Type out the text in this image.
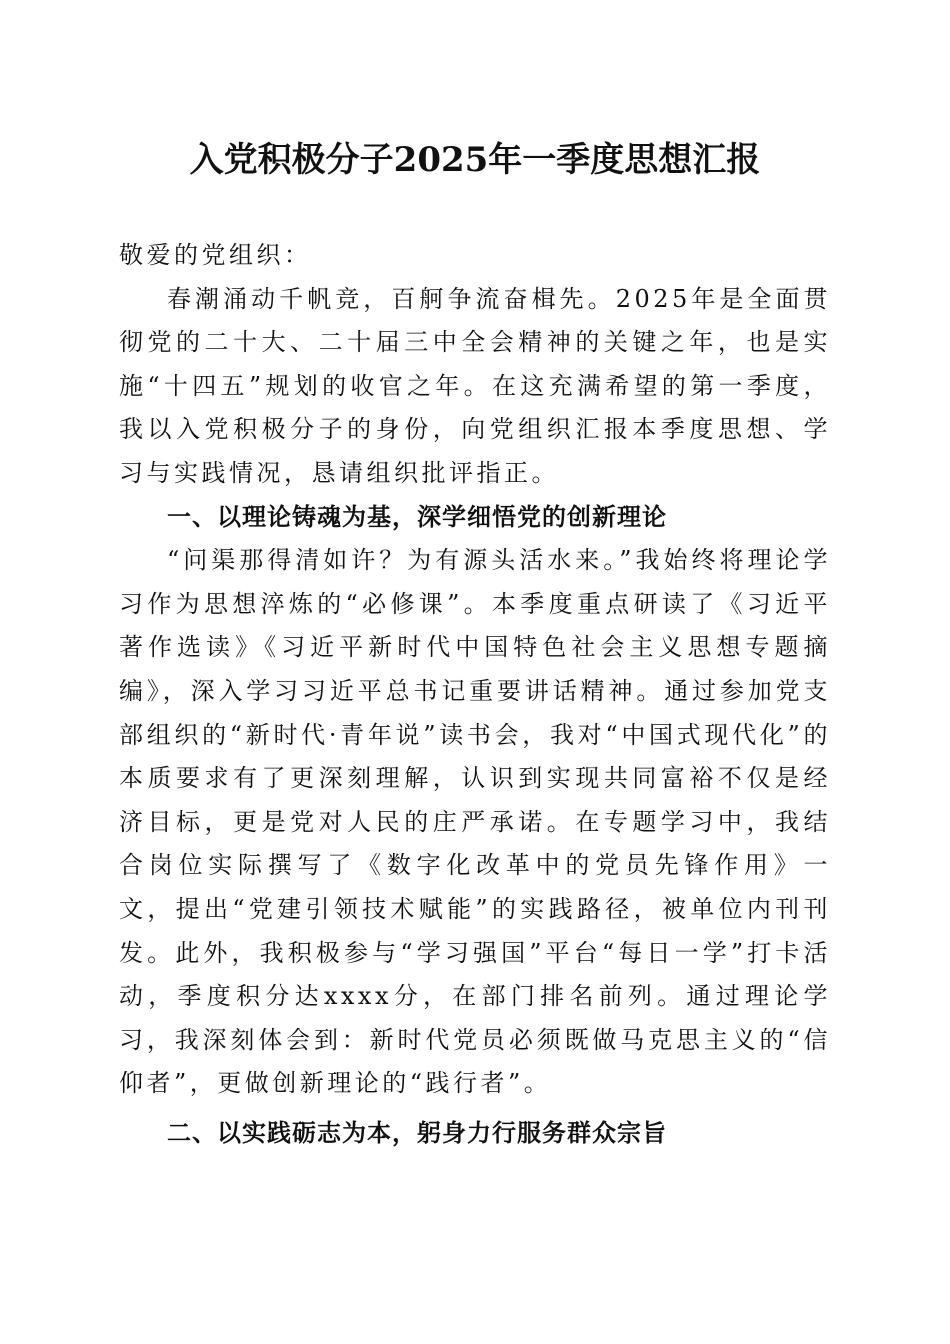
入党积极分子2025年一季度思想汇报

敬爱的党组织：

春潮涌动千帆竞，百舸争流奋楫先。2025年是全面贯彻党的二十大、二十届三中全会精神的关键之年，也是实施“十四五”规划的收官之年。在这充满希望的第一季度，我以入党积极分子的身份，向党组织汇报本季度思想、学习与实践情况，恳请组织批评指正。

一、以理论铸魂为基，深学细悟党的创新理论

“问渠那得清如许？为有源头活水来。”我始终将理论学习作为思想淬炼的“必修课”。本季度重点研读了《习近平著作选读》《习近平新时代中国特色社会主义思想专题摘编》，深入学习习近平总书记重要讲话精神。通过参加党支部组织的“新时代·青年说”读书会，我对“中国式现代化”的本质要求有了更深刻理解，认识到实现共同富裕不仅是经济目标，更是党对人民的庄严承诺。在专题学习中，我结合岗位实际撰写了《数字化改革中的党员先锋作用》一文，提出“党建引领技术赋能”的实践路径，被单位内刊刊发。此外，我积极参与“学习强国”平台“每日一学”打卡活动，季度积分达xxxx分，在部门排名前列。通过理论学习，我深刻体会到：新时代党员必须既做马克思主义的“信仰者”，更做创新理论的“践行者”。

二、以实践砺志为本，躬身力行服务群众宗旨
